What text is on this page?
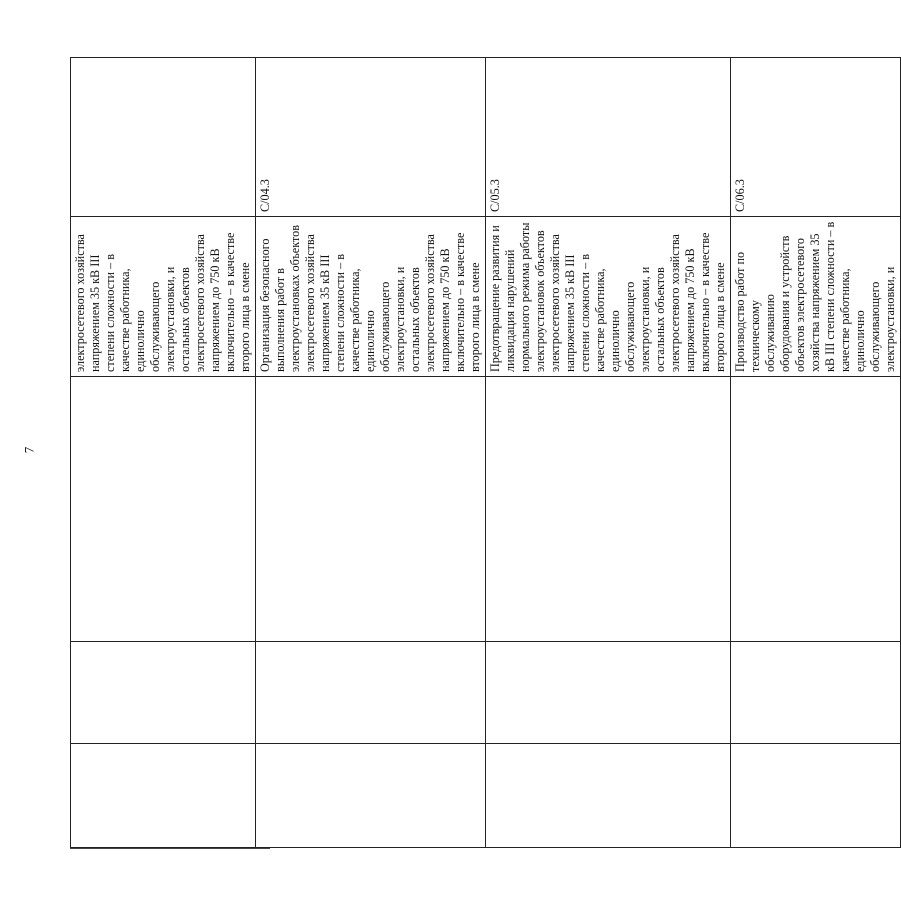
7

			электросетевого хозяйства напряжением 35 кВ III степени сложности – в качестве работника, единолично обслуживающего электроустановки, и остальных объектов электросетевого хозяйства напряжением до 750 кВ включительно – в качестве второго лица в смене	

			Организация безопасного выполнения работ в электроустановках объектов электросетевого хозяйства напряжением 35 кВ III степени сложности – в качестве работника, единолично обслуживающего электроустановки, и остальных объектов электросетевого хозяйства напряжением до 750 кВ включительно – в качестве второго лица в смене	C/04.3

			Предотвращение развития и ликвидация нарушений нормального режима работы электроустановок объектов электросетевого хозяйства напряжением 35 кВ III степени сложности – в качестве работника, единолично обслуживающего электроустановки, и остальных объектов электросетевого хозяйства напряжением до 750 кВ включительно – в качестве второго лица в смене	C/05.3

			Производство работ по техническому обслуживанию оборудования и устройств объектов электросетевого хозяйства напряжением 35 кВ III степени сложности – в качестве работника, единолично обслуживающего электроустановки, и	C/06.3
